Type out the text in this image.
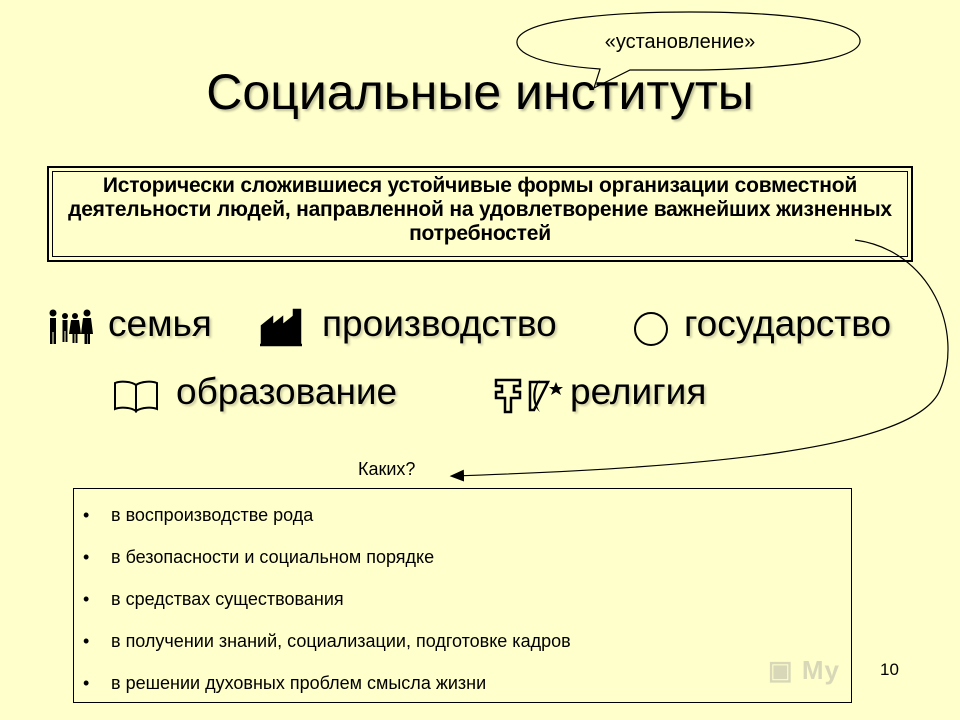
▣ My
«установление»
Социальные институты
Исторически сложившиеся устойчивые формы организации совместной деятельности людей, направленной на удовлетворение важнейших жизненных потребностей
семья	производство	государство
образование	религия
Каких?
• в воспроизводстве рода
• в безопасности и социальном порядке
• в средствах существования
• в получении знаний, социализации, подготовке кадров
• в решении духовных проблем смысла жизни
10
